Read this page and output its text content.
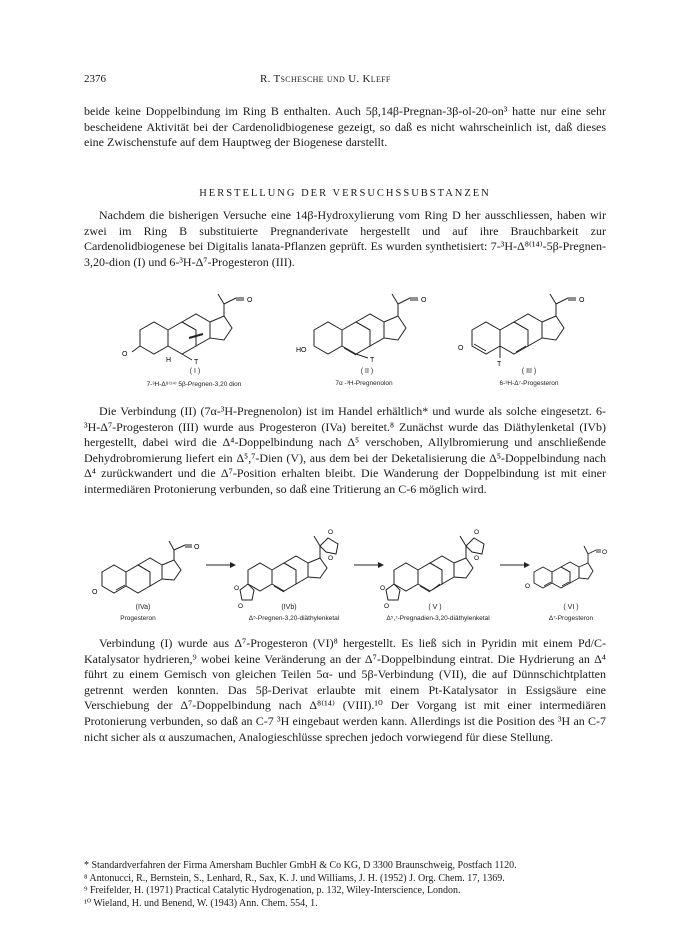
2376	R. Tschesche und U. Kleff

beide keine Doppelbindung im Ring B enthalten. Auch 5β,14β-Pregnan-3β-ol-20-on³ hatte nur eine sehr bescheidene Aktivität bei der Cardenolidbiogenese gezeigt, so daß es nicht wahrscheinlich ist, daß dieses eine Zwischenstufe auf dem Hauptweg der Biogenese darstellt.

HERSTELLUNG DER VERSUCHSSUBSTANZEN

Nachdem die bisherigen Versuche eine 14β-Hydroxylierung vom Ring D her ausschliessen, haben wir zwei im Ring B substituierte Pregnanderivate hergestellt und auf ihre Brauchbarkeit zur Cardenolidbiogenese bei Digitalis lanata-Pflanzen geprüft. Es wurden synthetisiert: 7-³H-Δ⁸⁽¹⁴⁾-5β-Pregnen-3,20-dion (I) und 6-³H-Δ⁷-Progesteron (III).

O
O
H	T
( I )
7-³H-Δ⁸⁽¹⁴⁾ 5β-Pregnen-3,20 dion
O
HO
T
( II )
7α -³H-Pregnenolon
O
O
T
( III )
6-³H-Δ⁷-Progesteron

Die Verbindung (II) (7α-³H-Pregnenolon) ist im Handel erhältlich* und wurde als solche eingesetzt. 6-³H-Δ⁷-Progesteron (III) wurde aus Progesteron (IVa) bereitet.⁸ Zunächst wurde das Diäthylenketal (IVb) hergestellt, dabei wird die Δ⁴-Doppelbindung nach Δ⁵ verschoben, Allylbromierung und anschließende Dehydrobromierung liefert ein Δ⁵,⁷-Dien (V), aus dem bei der Deketalisierung die Δ⁵-Doppelbindung nach Δ⁴ zurückwandert und die Δ⁷-Position erhalten bleibt. Die Wanderung der Doppelbindung ist mit einer intermediären Protonierung verbunden, so daß eine Tritierung an C-6 möglich wird.

O
O
(IVa)
Progesteron
O
O
O
O	(IVb)
Δ⁵-Pregnen-3,20-diäthylenketal
O
O
O
O	( V )
Δ⁵,⁷-Pregnadien-3,20-diäthylenketal
O
O
( VI )
Δ⁷-Progesteron

Verbindung (I) wurde aus Δ⁷-Progesteron (VI)⁸ hergestellt. Es ließ sich in Pyridin mit einem Pd/C-Katalysator hydrieren,⁹ wobei keine Veränderung an der Δ⁷-Doppelbindung eintrat. Die Hydrierung an Δ⁴ führt zu einem Gemisch von gleichen Teilen 5α- und 5β-Verbindung (VII), die auf Dünnschichtplatten getrennt werden konnten. Das 5β-Derivat erlaubte mit einem Pt-Katalysator in Essigsäure eine Verschiebung der Δ⁷-Doppelbindung nach Δ⁸⁽¹⁴⁾ (VIII).¹⁰ Der Vorgang ist mit einer intermediären Protonierung verbunden, so daß an C-7 ³H eingebaut werden kann. Allerdings ist die Position des ³H an C-7 nicht sicher als α auszumachen, Analogieschlüsse sprechen jedoch vorwiegend für diese Stellung.

* Standardverfahren der Firma Amersham Buchler GmbH & Co KG, D 3300 Braunschweig, Postfach 1120.

⁸ Antonucci, R., Bernstein, S., Lenhard, R., Sax, K. J. und Williams, J. H. (1952) J. Org. Chem. 17, 1369.

⁹ Freifelder, H. (1971) Practical Catalytic Hydrogenation, p. 132, Wiley-Interscience, London.

¹⁰ Wieland, H. und Benend, W. (1943) Ann. Chem. 554, 1.
